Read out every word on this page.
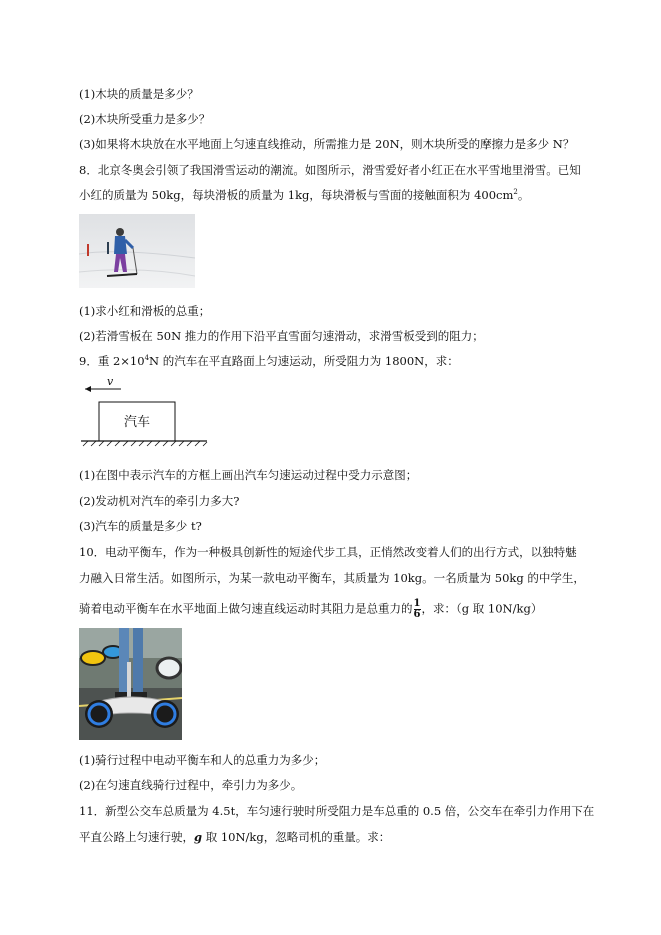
(1)木块的质量是多少？
(2)木块所受重力是多少？
(3)如果将木块放在水平地面上匀速直线推动，所需推力是 20N，则木块所受的摩擦力是多少 N？
8．北京冬奥会引领了我国滑雪运动的潮流。如图所示，滑雪爱好者小红正在水平雪地里滑雪。已知
小红的质量为 50kg，每块滑板的质量为 1kg，每块滑板与雪面的接触面积为 $400cm^2$。
(1)求小红和滑板的总重；
(2)若滑雪板在 50N 推力的作用下沿平直雪面匀速滑动，求滑雪板受到的阻力；
9．重 $2\times 10^4N$ 的汽车在平直路面上匀速运动，所受阻力为 1800N，求：
v
汽车
(1)在图中表示汽车的方框上画出汽车匀速运动过程中受力示意图；
(2)发动机对汽车的牵引力多大?
(3)汽车的质量是多少 t?
10．电动平衡车，作为一种极具创新性的短途代步工具，正悄然改变着人们的出行方式，以独特魅
力融入日常生活。如图所示，为某一款电动平衡车，其质量为 10kg。一名质量为 50kg 的中学生，
骑着电动平衡车在水平地面上做匀速直线运动时其阻力是总重力的 $\frac{1}{6}$ ，求：（g 取 10N/kg）
(1)骑行过程中电动平衡车和人的总重力为多少；
(2)在匀速直线骑行过程中，牵引力为多少。
11．新型公交车总质量为 4.5t，车匀速行驶时所受阻力是车总重的 0.5 倍，公交车在牵引力作用下在
平直公路上匀速行驶，g 取 10N/kg，忽略司机的重量。求：
